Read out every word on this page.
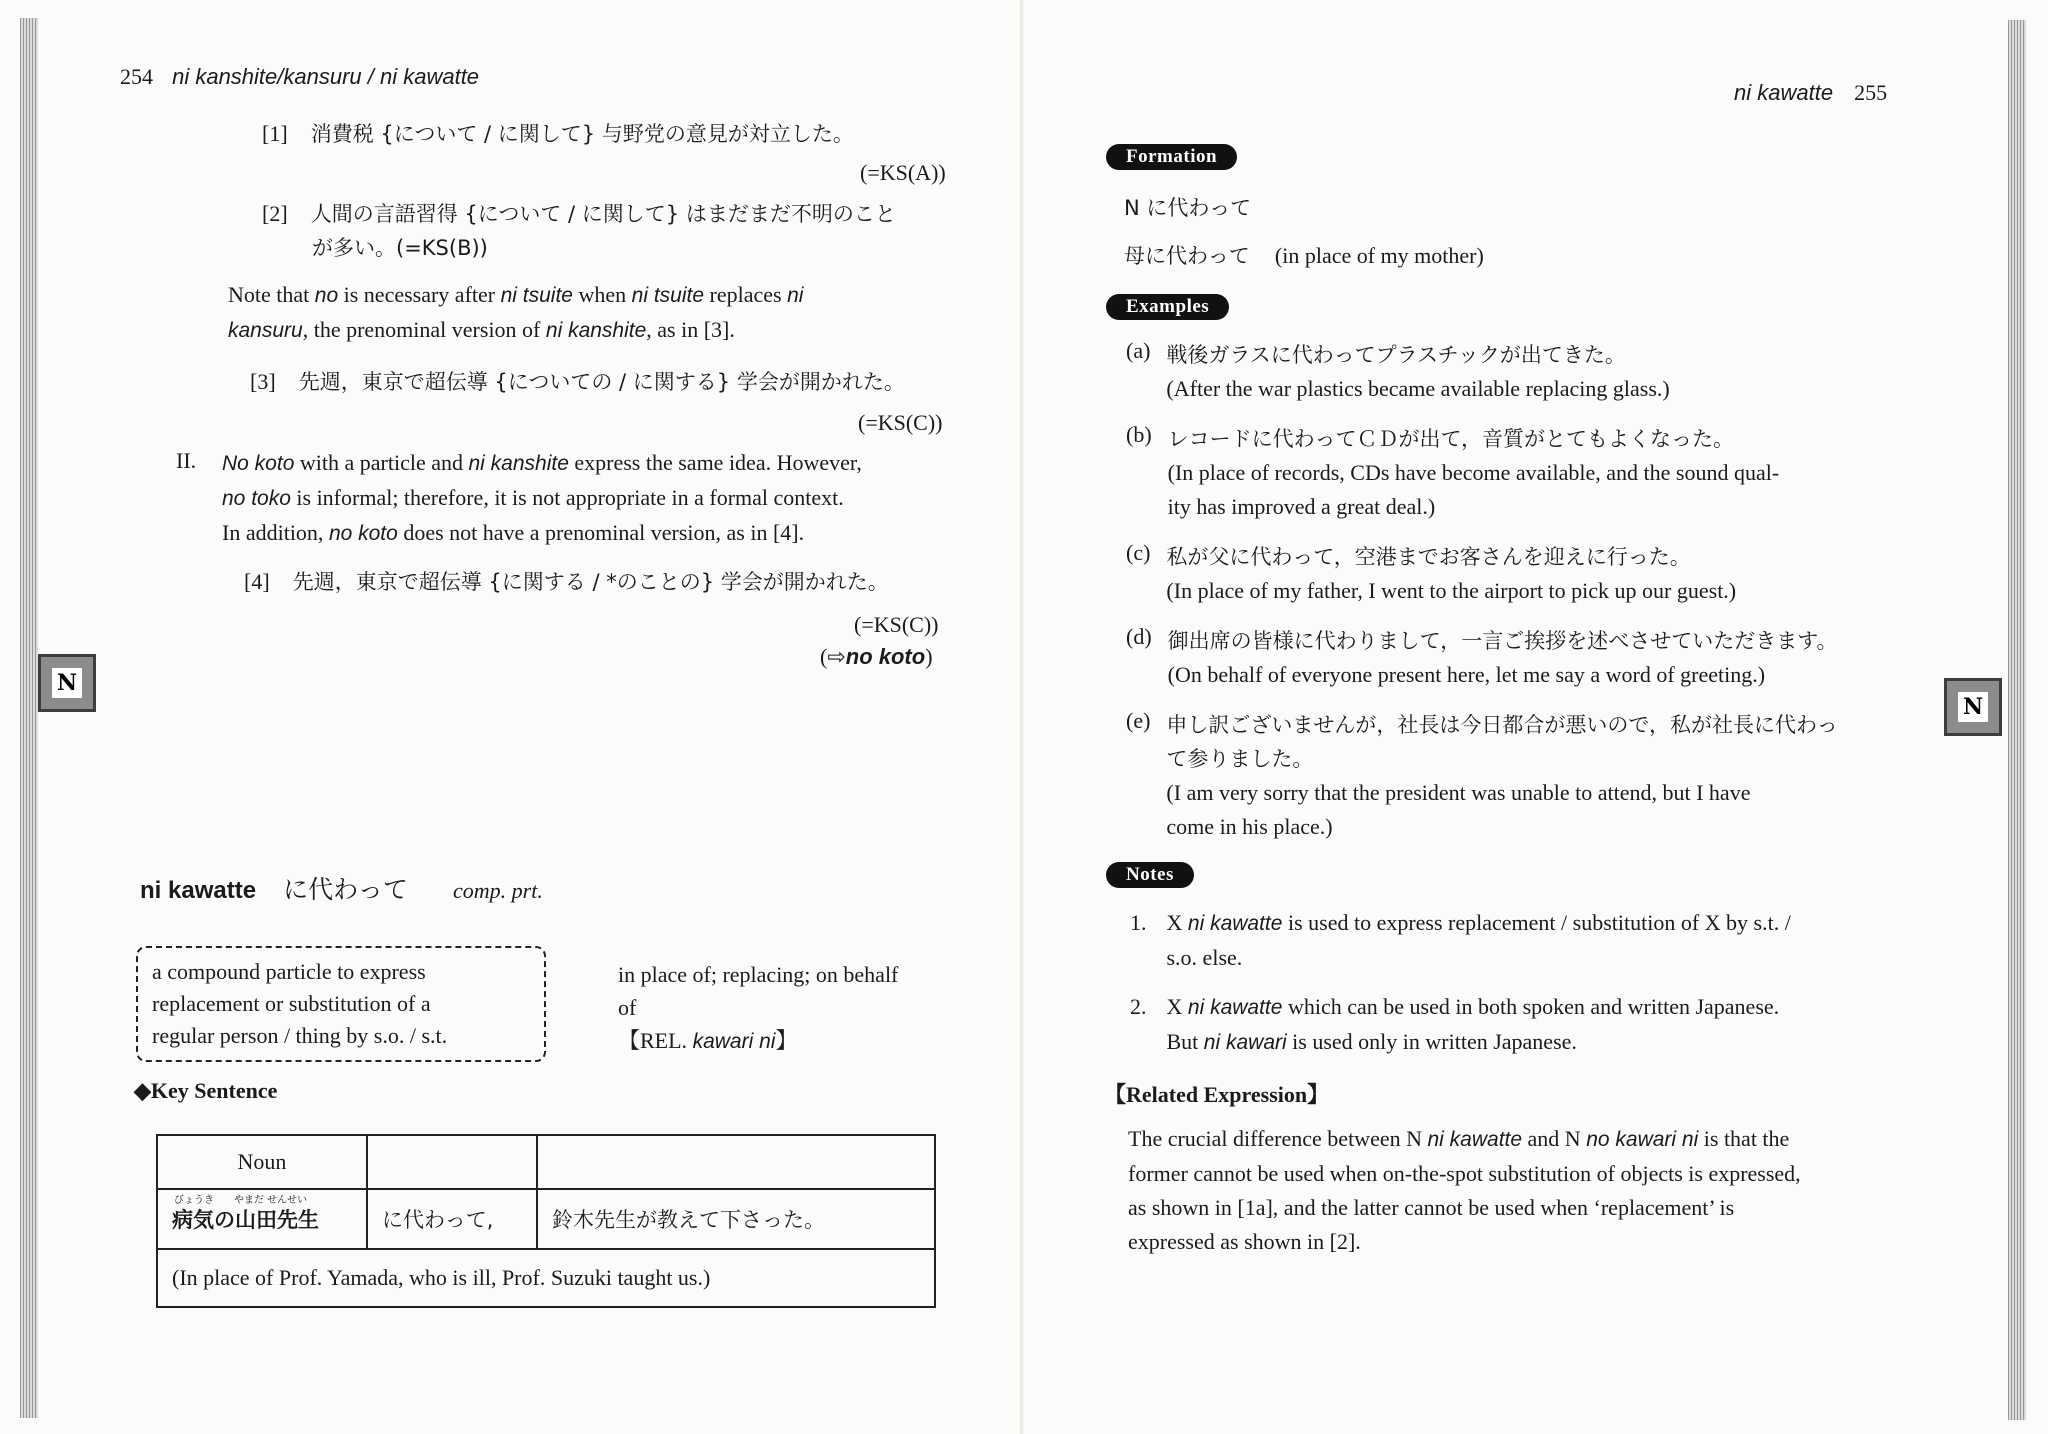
254 ni kanshite/kansuru / ni kawatte
[1] 消費税 {について / に関して} 与野党の意見が対立した。
(=KS(A))
[2] 人間の言語習得 {について / に関して} はまだまだ不明のこと
が多い。(=KS(B))
Note that no is necessary after ni tsuite when ni tsuite replaces ni
kansuru, the prenominal version of ni kanshite, as in [3].
[3] 先週，東京で超伝導 {についての / に関する} 学会が開かれた。
(=KS(C))
II. No koto with a particle and ni kanshite express the same idea. However,
no toko is informal; therefore, it is not appropriate in a formal context.
In addition, no koto does not have a prenominal version, as in [4].
[4] 先週，東京で超伝導 {に関する / *のことの} 学会が開かれた。
(=KS(C))
(⇨no koto)
N
ni kawatte に代わって comp. prt.
a compound particle to express
replacement or substitution of a
regular person / thing by s.o. / s.t.
in place of; replacing; on behalf
of
【REL. kawari ni】
◆Key Sentence
Noun		

びょうき　　やまだ せんせい
病気の山田先生	に代わって,	鈴木先生が教えて下さった。
(In place of Prof. Yamada, who is ill, Prof. Suzuki taught us.)		
ni kawatte 255
Formation
N に代わって
母に代わって (in place of my mother)
Examples
(a) 戦後ガラスに代わってプラスチックが出てきた。
(After the war plastics became available replacing glass.)
(b) レコードに代わってＣＤが出て，音質がとてもよくなった。
(In place of records, CDs have become available, and the sound qual-
ity has improved a great deal.)
(c) 私が父に代わって，空港までお客さんを迎えに行った。
(In place of my father, I went to the airport to pick up our guest.)
(d) 御出席の皆様に代わりまして，一言ご挨拶を述べさせていただきます。
(On behalf of everyone present here, let me say a word of greeting.)
(e) 申し訳ございませんが，社長は今日都合が悪いので，私が社長に代わっ
て参りました。
(I am very sorry that the president was unable to attend, but I have
come in his place.)
Notes
1. X ni kawatte is used to express replacement / substitution of X by s.t. /
s.o. else.
2. X ni kawatte which can be used in both spoken and written Japanese.
But ni kawari is used only in written Japanese.
【Related Expression】
The crucial difference between N ni kawatte and N no kawari ni is that the
former cannot be used when on-the-spot substitution of objects is expressed,
as shown in [1a], and the latter cannot be used when ‘replacement’ is
expressed as shown in [2].
N
